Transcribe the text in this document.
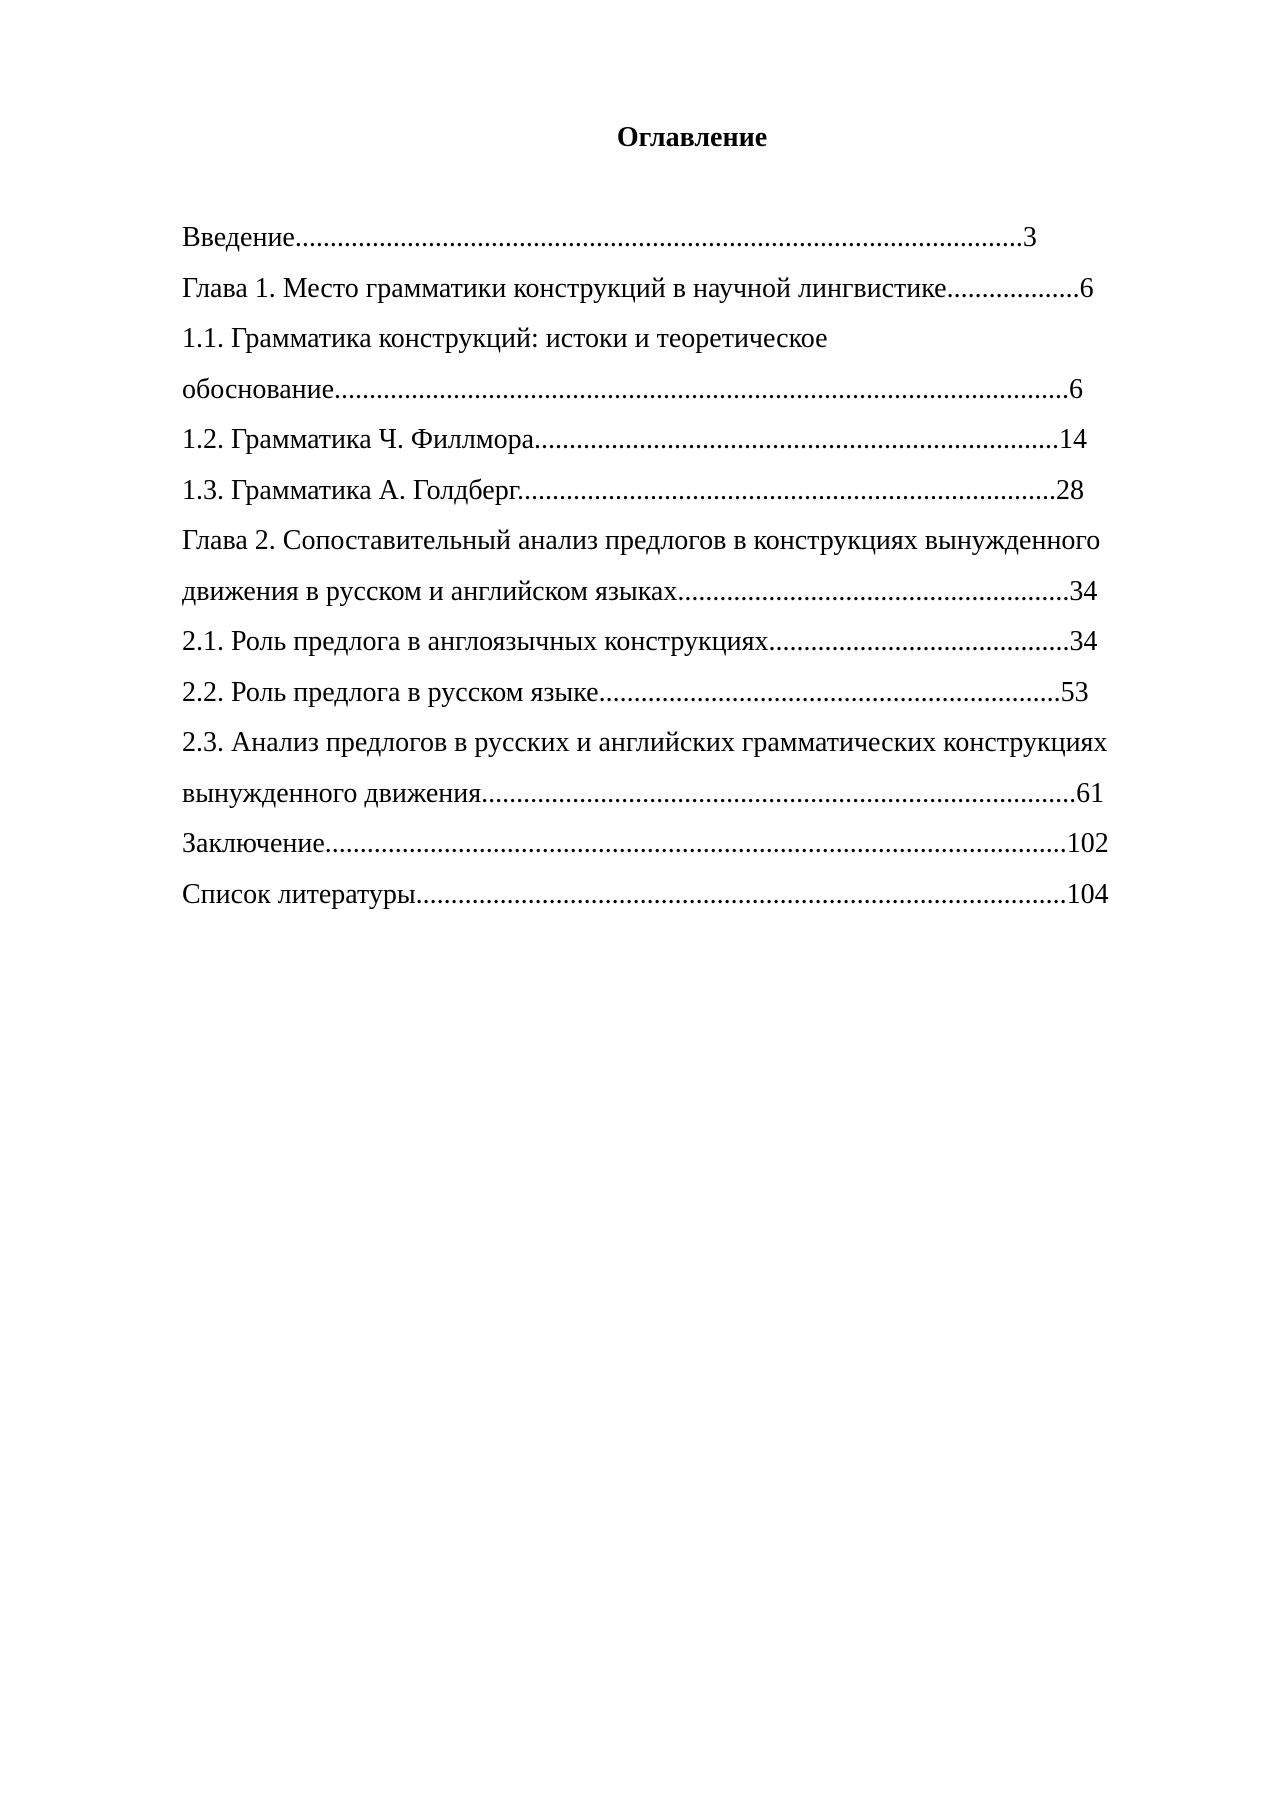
Оглавление
Введение........................................................................................................3
Глава 1. Место грамматики конструкций в научной лингвистике...................6
1.1. Грамматика конструкций: истоки и теоретическое
обоснование.........................................................................................................6
1.2. Грамматика Ч. Филлмора...........................................................................14
1.3. Грамматика А. Голдберг.............................................................................28
Глава 2. Сопоставительный анализ предлогов в конструкциях вынужденного
движения в русском и английском языках........................................................34
2.1. Роль предлога в англоязычных конструкциях...........................................34
2.2. Роль предлога в русском языке..................................................................53
2.3. Анализ предлогов в русских и английских грамматических конструкциях
вынужденного движения.....................................................................................61
Заключение..........................................................................................................102
Список литературы.............................................................................................104
